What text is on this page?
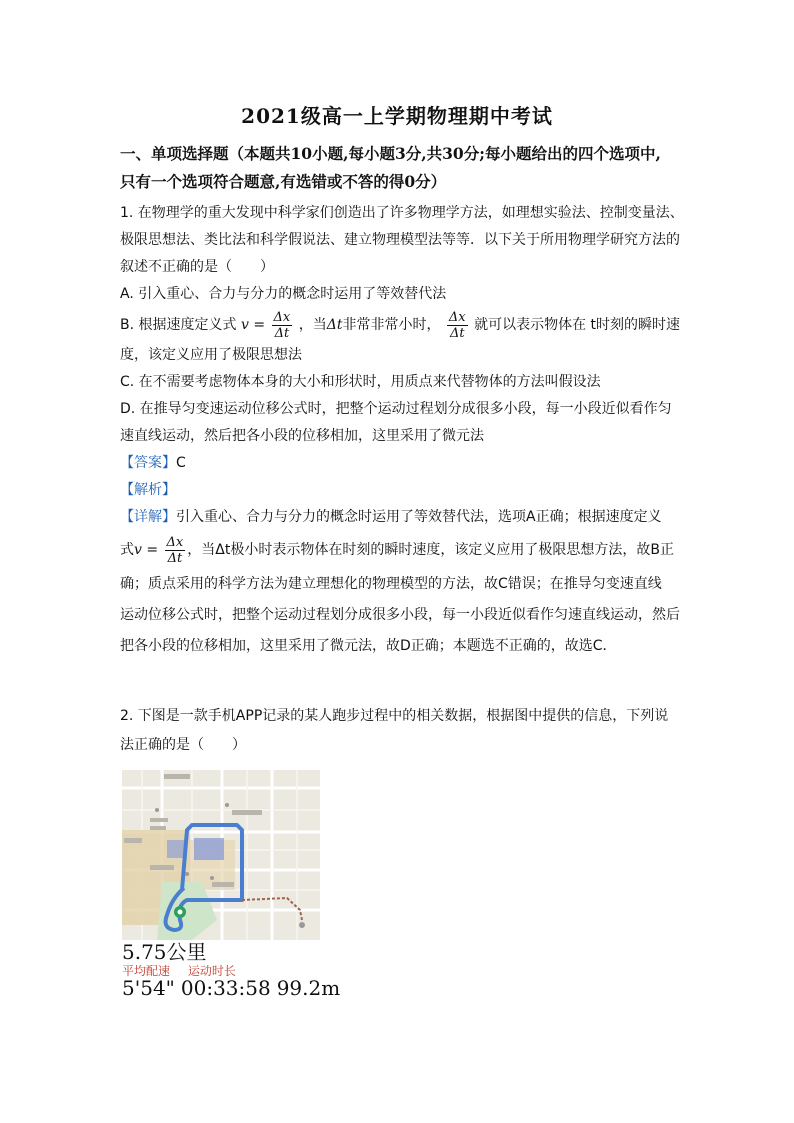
2021级高一上学期物理期中考试
一、单项选择题（本题共10小题,每小题3分,共30分;每小题给出的四个选项中,
只有一个选项符合题意,有选错或不答的得0分）
1. 在物理学的重大发现中科学家们创造出了许多物理学方法，如理想实验法、控制变量法、
极限思想法、类比法和科学假说法、建立物理模型法等等．以下关于所用物理学研究方法的
叙述不正确的是（　　）
A. 引入重心、合力与分力的概念时运用了等效替代法
B. 根据速度定义式 $v = \frac{\Delta x}{\Delta t}$ ，当Δt非常非常小时， $\frac{\Delta x}{\Delta t}$ 就可以表示物体在 t时刻的瞬时速
度，该定义应用了极限思想法
C. 在不需要考虑物体本身的大小和形状时，用质点来代替物体的方法叫假设法
D. 在推导匀变速运动位移公式时，把整个运动过程划分成很多小段，每一小段近似看作匀
速直线运动，然后把各小段的位移相加，这里采用了微元法
【答案】C
【解析】
【详解】引入重心、合力与分力的概念时运用了等效替代法，选项A正确；根据速度定义
式$v = \frac{\Delta x}{\Delta t}$ ，当Δt极小时表示物体在时刻的瞬时速度，该定义应用了极限思想方法，故B正
确；质点采用的科学方法为建立理想化的物理模型的方法，故C错误；在推导匀变速直线
运动位移公式时，把整个运动过程划分成很多小段，每一小段近似看作匀速直线运动，然后
把各小段的位移相加，这里采用了微元法，故D正确；本题选不正确的，故选C．
2. 下图是一款手机APP记录的某人跑步过程中的相关数据，根据图中提供的信息，下列说
法正确的是（　　）
5.75公里
平均配速 运动时长
5'54" 00:33:58 99.2m
